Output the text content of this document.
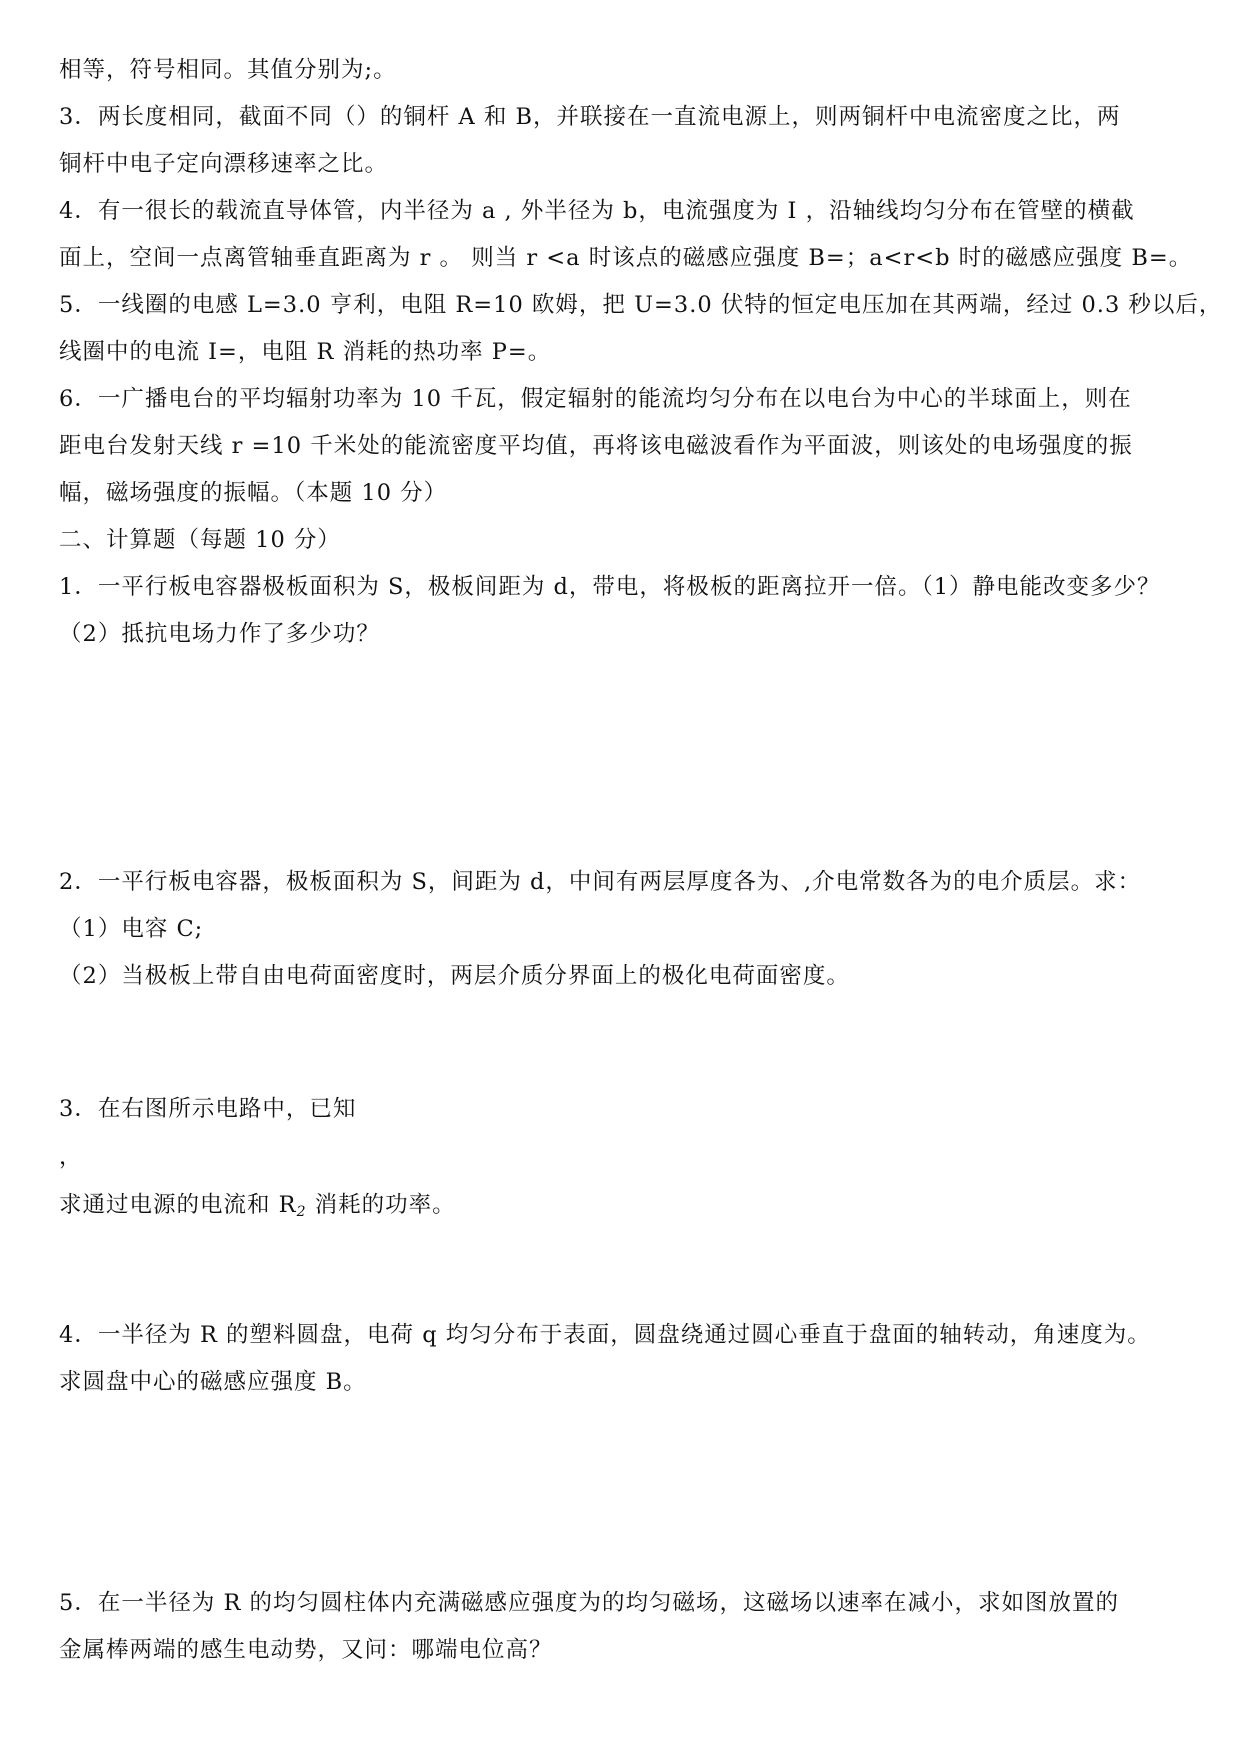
相等，符号相同。其值分别为;。
3．两长度相同，截面不同（）的铜杆 A 和 B，并联接在一直流电源上，则两铜杆中电流密度之比，两
铜杆中电子定向漂移速率之比。
4．有一很长的载流直导体管，内半径为 a , 外半径为 b，电流强度为 I ，沿轴线均匀分布在管壁的横截
面上，空间一点离管轴垂直距离为 r 。 则当 r <a 时该点的磁感应强度 B=；a<r<b 时的磁感应强度 B=。
5．一线圈的电感 L=3.0 亨利，电阻 R=10 欧姆，把 U=3.0 伏特的恒定电压加在其两端，经过 0.3 秒以后，
线圈中的电流 I=，电阻 R 消耗的热功率 P=。
6．一广播电台的平均辐射功率为 10 千瓦，假定辐射的能流均匀分布在以电台为中心的半球面上，则在
距电台发射天线 r =10 千米处的能流密度平均值，再将该电磁波看作为平面波，则该处的电场强度的振
幅，磁场强度的振幅。（本题 10 分）
二、计算题（每题 10 分）
1．一平行板电容器极板面积为 S，极板间距为 d，带电，将极板的距离拉开一倍。（1）静电能改变多少？
（2）抵抗电场力作了多少功？
2．一平行板电容器，极板面积为 S，间距为 d，中间有两层厚度各为、,介电常数各为的电介质层。求：
（1）电容 C;
（2）当极板上带自由电荷面密度时，两层介质分界面上的极化电荷面密度。
3．在右图所示电路中，已知
，
求通过电源的电流和 $R_2$ 消耗的功率。
4．一半径为 R 的塑料圆盘，电荷 q 均匀分布于表面，圆盘绕通过圆心垂直于盘面的轴转动，角速度为。
求圆盘中心的磁感应强度 B。
5．在一半径为 R 的均匀圆柱体内充满磁感应强度为的均匀磁场，这磁场以速率在减小，求如图放置的
金属棒两端的感生电动势，又问：哪端电位高？
